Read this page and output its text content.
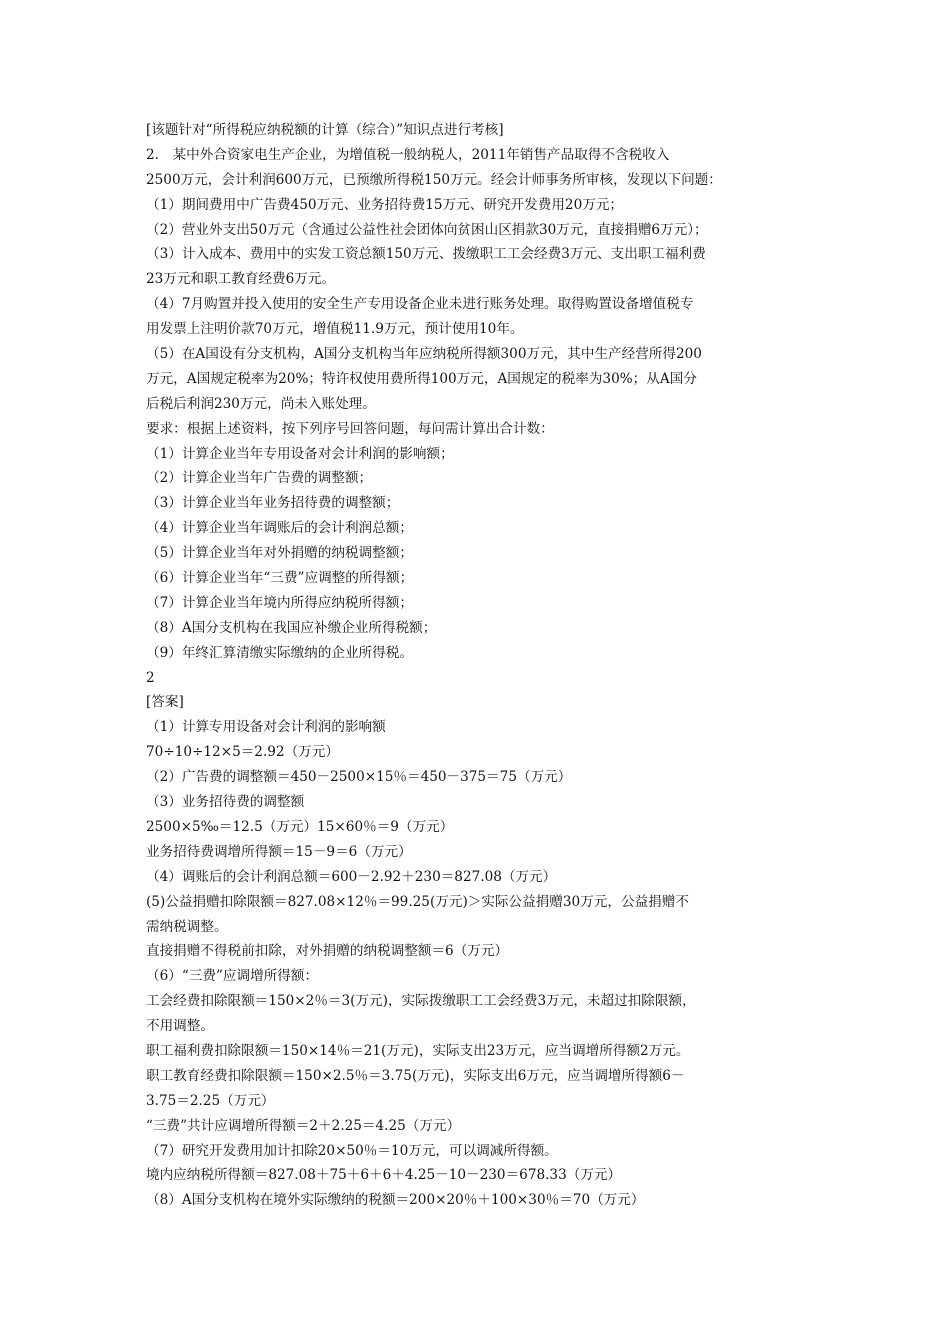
[该题针对“所得税应纳税额的计算（综合）”知识点进行考核]
2.　某中外合资家电生产企业，为增值税一般纳税人，2011年销售产品取得不含税收入
2500万元，会计利润600万元，已预缴所得税150万元。经会计师事务所审核，发现以下问题：
（1）期间费用中广告费450万元、业务招待费15万元、研究开发费用20万元；
（2）营业外支出50万元（含通过公益性社会团体向贫困山区捐款30万元，直接捐赠6万元）；
（3）计入成本、费用中的实发工资总额150万元、拨缴职工工会经费3万元、支出职工福利费
23万元和职工教育经费6万元。
（4）7月购置并投入使用的安全生产专用设备企业未进行账务处理。取得购置设备增值税专
用发票上注明价款70万元，增值税11.9万元，预计使用10年。
（5）在A国设有分支机构，A国分支机构当年应纳税所得额300万元，其中生产经营所得200
万元，A国规定税率为20%；特许权使用费所得100万元，A国规定的税率为30%；从A国分
后税后利润230万元，尚未入账处理。
要求：根据上述资料，按下列序号回答问题，每问需计算出合计数：
（1）计算企业当年专用设备对会计利润的影响额；
（2）计算企业当年广告费的调整额；
（3）计算企业当年业务招待费的调整额；
（4）计算企业当年调账后的会计利润总额；
（5）计算企业当年对外捐赠的纳税调整额；
（6）计算企业当年“三费”应调整的所得额；
（7）计算企业当年境内所得应纳税所得额；
（8）A国分支机构在我国应补缴企业所得税额；
（9）年终汇算清缴实际缴纳的企业所得税。
2
[答案]
（1）计算专用设备对会计利润的影响额
70÷10÷12×5＝2.92（万元）
（2）广告费的调整额＝450－2500×15％＝450－375＝75（万元）
（3）业务招待费的调整额
2500×5‰＝12.5（万元）15×60％＝9（万元）
业务招待费调增所得额＝15－9＝6（万元）
（4）调账后的会计利润总额＝600－2.92＋230＝827.08（万元）
(5)公益捐赠扣除限额＝827.08×12％＝99.25(万元)＞实际公益捐赠30万元，公益捐赠不
需纳税调整。
直接捐赠不得税前扣除，对外捐赠的纳税调整额＝6（万元）
（6）“三费”应调增所得额：
工会经费扣除限额＝150×2％＝3(万元)，实际拨缴职工工会经费3万元，未超过扣除限额，
不用调整。
职工福利费扣除限额＝150×14％＝21(万元)，实际支出23万元，应当调增所得额2万元。
职工教育经费扣除限额＝150×2.5％＝3.75(万元)，实际支出6万元，应当调增所得额6－
3.75＝2.25（万元）
“三费”共计应调增所得额＝2＋2.25＝4.25（万元）
（7）研究开发费用加计扣除20×50％＝10万元，可以调减所得额。
境内应纳税所得额＝827.08＋75＋6＋6＋4.25－10－230＝678.33（万元）
（8）A国分支机构在境外实际缴纳的税额＝200×20％＋100×30％＝70（万元）
